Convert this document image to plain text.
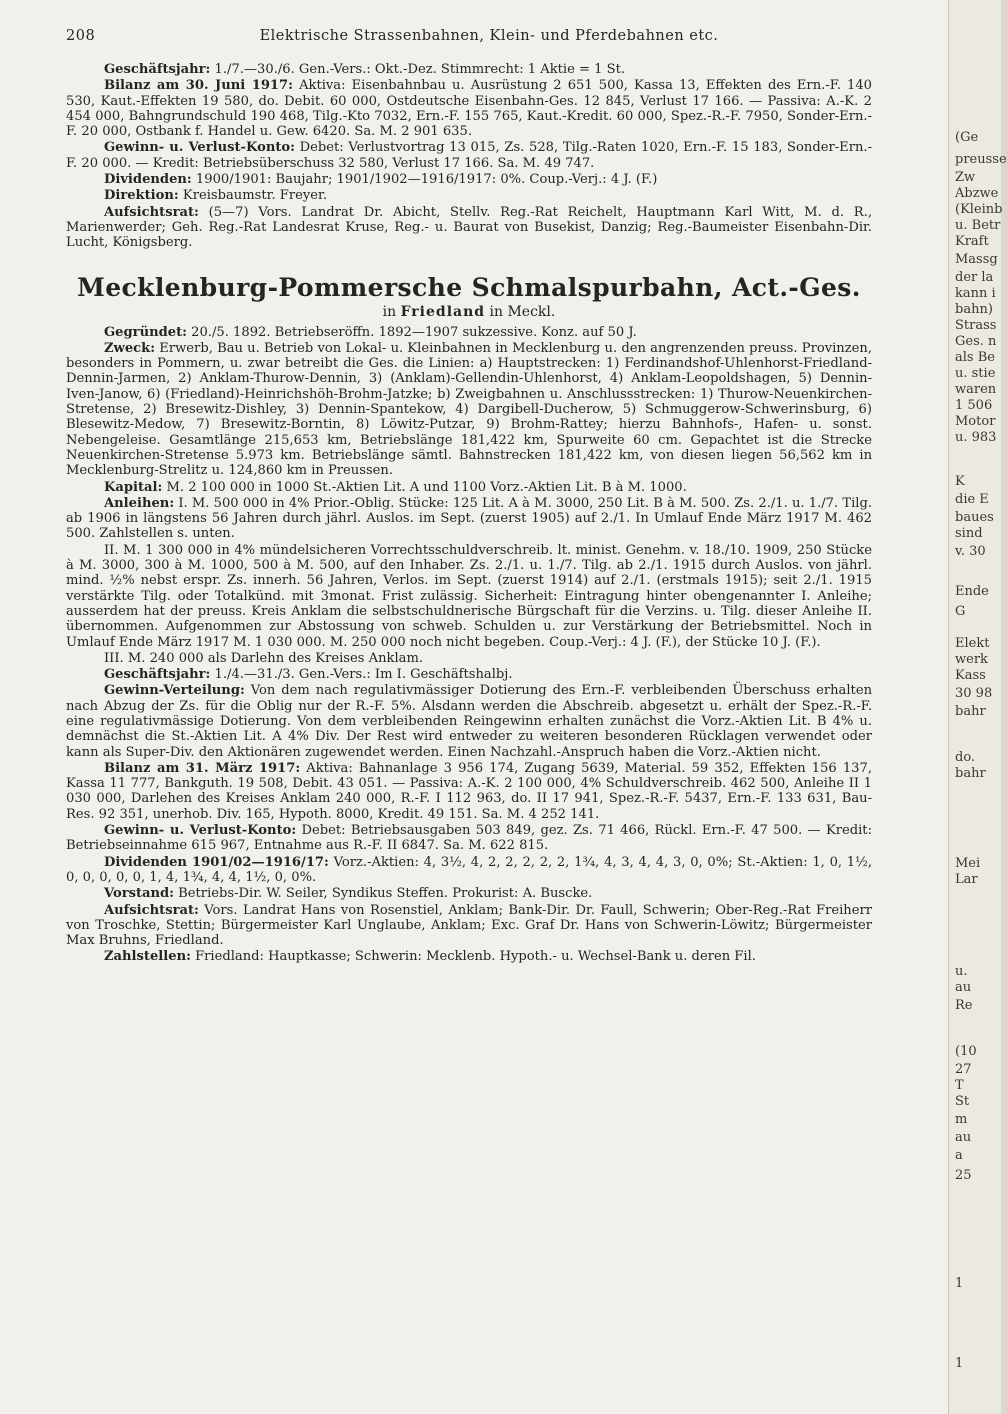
208	Elektrische Strassenbahnen, Klein- und Pferdebahnen etc.

Geschäftsjahr: 1./7.—30./6. Gen.-Vers.: Okt.-Dez. Stimmrecht: 1 Aktie = 1 St.

Bilanz am 30. Juni 1917: Aktiva: Eisenbahnbau u. Ausrüstung 2 651 500, Kassa 13, Effekten des Ern.-F. 140 530, Kaut.-Effekten 19 580, do. Debit. 60 000, Ostdeutsche Eisenbahn-Ges. 12 845, Verlust 17 166. — Passiva: A.-K. 2 454 000, Bahngrundschuld 190 468, Tilg.-Kto 7032, Ern.-F. 155 765, Kaut.-Kredit. 60 000, Spez.-R.-F. 7950, Sonder-Ern.-F. 20 000, Ostbank f. Handel u. Gew. 6420. Sa. M. 2 901 635.

Gewinn- u. Verlust-Konto: Debet: Verlustvortrag 13 015, Zs. 528, Tilg.-Raten 1020, Ern.-F. 15 183, Sonder-Ern.-F. 20 000. — Kredit: Betriebsüberschuss 32 580, Verlust 17 166. Sa. M. 49 747.

Dividenden: 1900/1901: Baujahr; 1901/1902—1916/1917: 0%. Coup.-Verj.: 4 J. (F.)

Direktion: Kreisbaumstr. Freyer.

Aufsichtsrat: (5—7) Vors. Landrat Dr. Abicht, Stellv. Reg.-Rat Reichelt, Hauptmann Karl Witt, M. d. R., Marienwerder; Geh. Reg.-Rat Landesrat Kruse, Reg.- u. Baurat von Busekist, Danzig; Reg.-Baumeister Eisenbahn-Dir. Lucht, Königsberg.

Mecklenburg-Pommersche Schmalspurbahn, Act.-Ges.

in Friedland in Meckl.

Gegründet: 20./5. 1892. Betriebseröffn. 1892—1907 sukzessive. Konz. auf 50 J.

Zweck: Erwerb, Bau u. Betrieb von Lokal- u. Kleinbahnen in Mecklenburg u. den angrenzenden preuss. Provinzen, besonders in Pommern, u. zwar betreibt die Ges. die Linien: a) Hauptstrecken: 1) Ferdinandshof-Uhlenhorst-Friedland-Dennin-Jarmen, 2) Anklam-Thurow-Dennin, 3) (Anklam)-Gellendin-Uhlenhorst, 4) Anklam-Leopoldshagen, 5) Dennin-Iven-Janow, 6) (Friedland)-Heinrichshöh-Brohm-Jatzke; b) Zweigbahnen u. Anschlussstrecken: 1) Thurow-Neuenkirchen-Stretense, 2) Bresewitz-Dishley, 3) Dennin-Spantekow, 4) Dargibell-Ducherow, 5) Schmuggerow-Schwerinsburg, 6) Blesewitz-Medow, 7) Bresewitz-Borntin, 8) Löwitz-Putzar, 9) Brohm-Rattey; hierzu Bahnhofs-, Hafen- u. sonst. Nebengeleise. Gesamtlänge 215,653 km, Betriebslänge 181,422 km, Spurweite 60 cm. Gepachtet ist die Strecke Neuenkirchen-Stretense 5.973 km. Betriebslänge sämtl. Bahnstrecken 181,422 km, von diesen liegen 56,562 km in Mecklenburg-Strelitz u. 124,860 km in Preussen.

Kapital: M. 2 100 000 in 1000 St.-Aktien Lit. A und 1100 Vorz.-Aktien Lit. B à M. 1000.

Anleihen: I. M. 500 000 in 4% Prior.-Oblig. Stücke: 125 Lit. A à M. 3000, 250 Lit. B à M. 500. Zs. 2./1. u. 1./7. Tilg. ab 1906 in längstens 56 Jahren durch jährl. Auslos. im Sept. (zuerst 1905) auf 2./1. In Umlauf Ende März 1917 M. 462 500. Zahlstellen s. unten.

II. M. 1 300 000 in 4% mündelsicheren Vorrechtsschuldverschreib. lt. minist. Genehm. v. 18./10. 1909, 250 Stücke à M. 3000, 300 à M. 1000, 500 à M. 500, auf den Inhaber. Zs. 2./1. u. 1./7. Tilg. ab 2./1. 1915 durch Auslos. von jährl. mind. ½% nebst erspr. Zs. innerh. 56 Jahren, Verlos. im Sept. (zuerst 1914) auf 2./1. (erstmals 1915); seit 2./1. 1915 verstärkte Tilg. oder Totalkünd. mit 3monat. Frist zulässig. Sicherheit: Eintragung hinter obengenannter I. Anleihe; ausserdem hat der preuss. Kreis Anklam die selbstschuldnerische Bürgschaft für die Verzins. u. Tilg. dieser Anleihe II. übernommen. Aufgenommen zur Abstossung von schweb. Schulden u. zur Verstärkung der Betriebsmittel. Noch in Umlauf Ende März 1917 M. 1 030 000. M. 250 000 noch nicht begeben. Coup.-Verj.: 4 J. (F.), der Stücke 10 J. (F.).

III. M. 240 000 als Darlehn des Kreises Anklam.

Geschäftsjahr: 1./4.—31./3. Gen.-Vers.: Im I. Geschäftshalbj.

Gewinn-Verteilung: Von dem nach regulativmässiger Dotierung des Ern.-F. verbleibenden Überschuss erhalten nach Abzug der Zs. für die Oblig nur der R.-F. 5%. Alsdann werden die Abschreib. abgesetzt u. erhält der Spez.-R.-F. eine regulativmässige Dotierung. Von dem verbleibenden Reingewinn erhalten zunächst die Vorz.-Aktien Lit. B 4% u. demnächst die St.-Aktien Lit. A 4% Div. Der Rest wird entweder zu weiteren besonderen Rücklagen verwendet oder kann als Super-Div. den Aktionären zugewendet werden. Einen Nachzahl.-Anspruch haben die Vorz.-Aktien nicht.

Bilanz am 31. März 1917: Aktiva: Bahnanlage 3 956 174, Zugang 5639, Material. 59 352, Effekten 156 137, Kassa 11 777, Bankguth. 19 508, Debit. 43 051. — Passiva: A.-K. 2 100 000, 4% Schuldverschreib. 462 500, Anleihe II 1 030 000, Darlehen des Kreises Anklam 240 000, R.-F. I 112 963, do. II 17 941, Spez.-R.-F. 5437, Ern.-F. 133 631, Bau-Res. 92 351, unerhob. Div. 165, Hypoth. 8000, Kredit. 49 151. Sa. M. 4 252 141.

Gewinn- u. Verlust-Konto: Debet: Betriebsausgaben 503 849, gez. Zs. 71 466, Rückl. Ern.-F. 47 500. — Kredit: Betriebseinnahme 615 967, Entnahme aus R.-F. II 6847. Sa. M. 622 815.

Dividenden 1901/02—1916/17: Vorz.-Aktien: 4, 3½, 4, 2, 2, 2, 2, 2, 1¾, 4, 3, 4, 4, 3, 0, 0%; St.-Aktien: 1, 0, 1½, 0, 0, 0, 0, 0, 1, 4, 1¾, 4, 4, 1½, 0, 0%.

Vorstand: Betriebs-Dir. W. Seiler, Syndikus Steffen. Prokurist: A. Buscke.

Aufsichtsrat: Vors. Landrat Hans von Rosenstiel, Anklam; Bank-Dir. Dr. Faull, Schwerin; Ober-Reg.-Rat Freiherr von Troschke, Stettin; Bürgermeister Karl Unglaube, Anklam; Exc. Graf Dr. Hans von Schwerin-Löwitz; Bürgermeister Max Bruhns, Friedland.

Zahlstellen: Friedland: Hauptkasse; Schwerin: Mecklenb. Hypoth.- u. Wechsel-Bank u. deren Fil.

(Ge
preusse
Zw
Abzwe
(Kleinb
u. Betr
Kraft
Massg
der la
kann i
bahn)
Strass
Ges. n
als Be
u. stie
waren
1 506
Motor
u. 983
K
die E
baues
sind
v. 30
Ende
G
Elekt
werk
Kass
30 98
bahr
do.
bahr
Mei
Lar
u.
au
Re
(10
27
T
St
m
au
a
25
1
1
